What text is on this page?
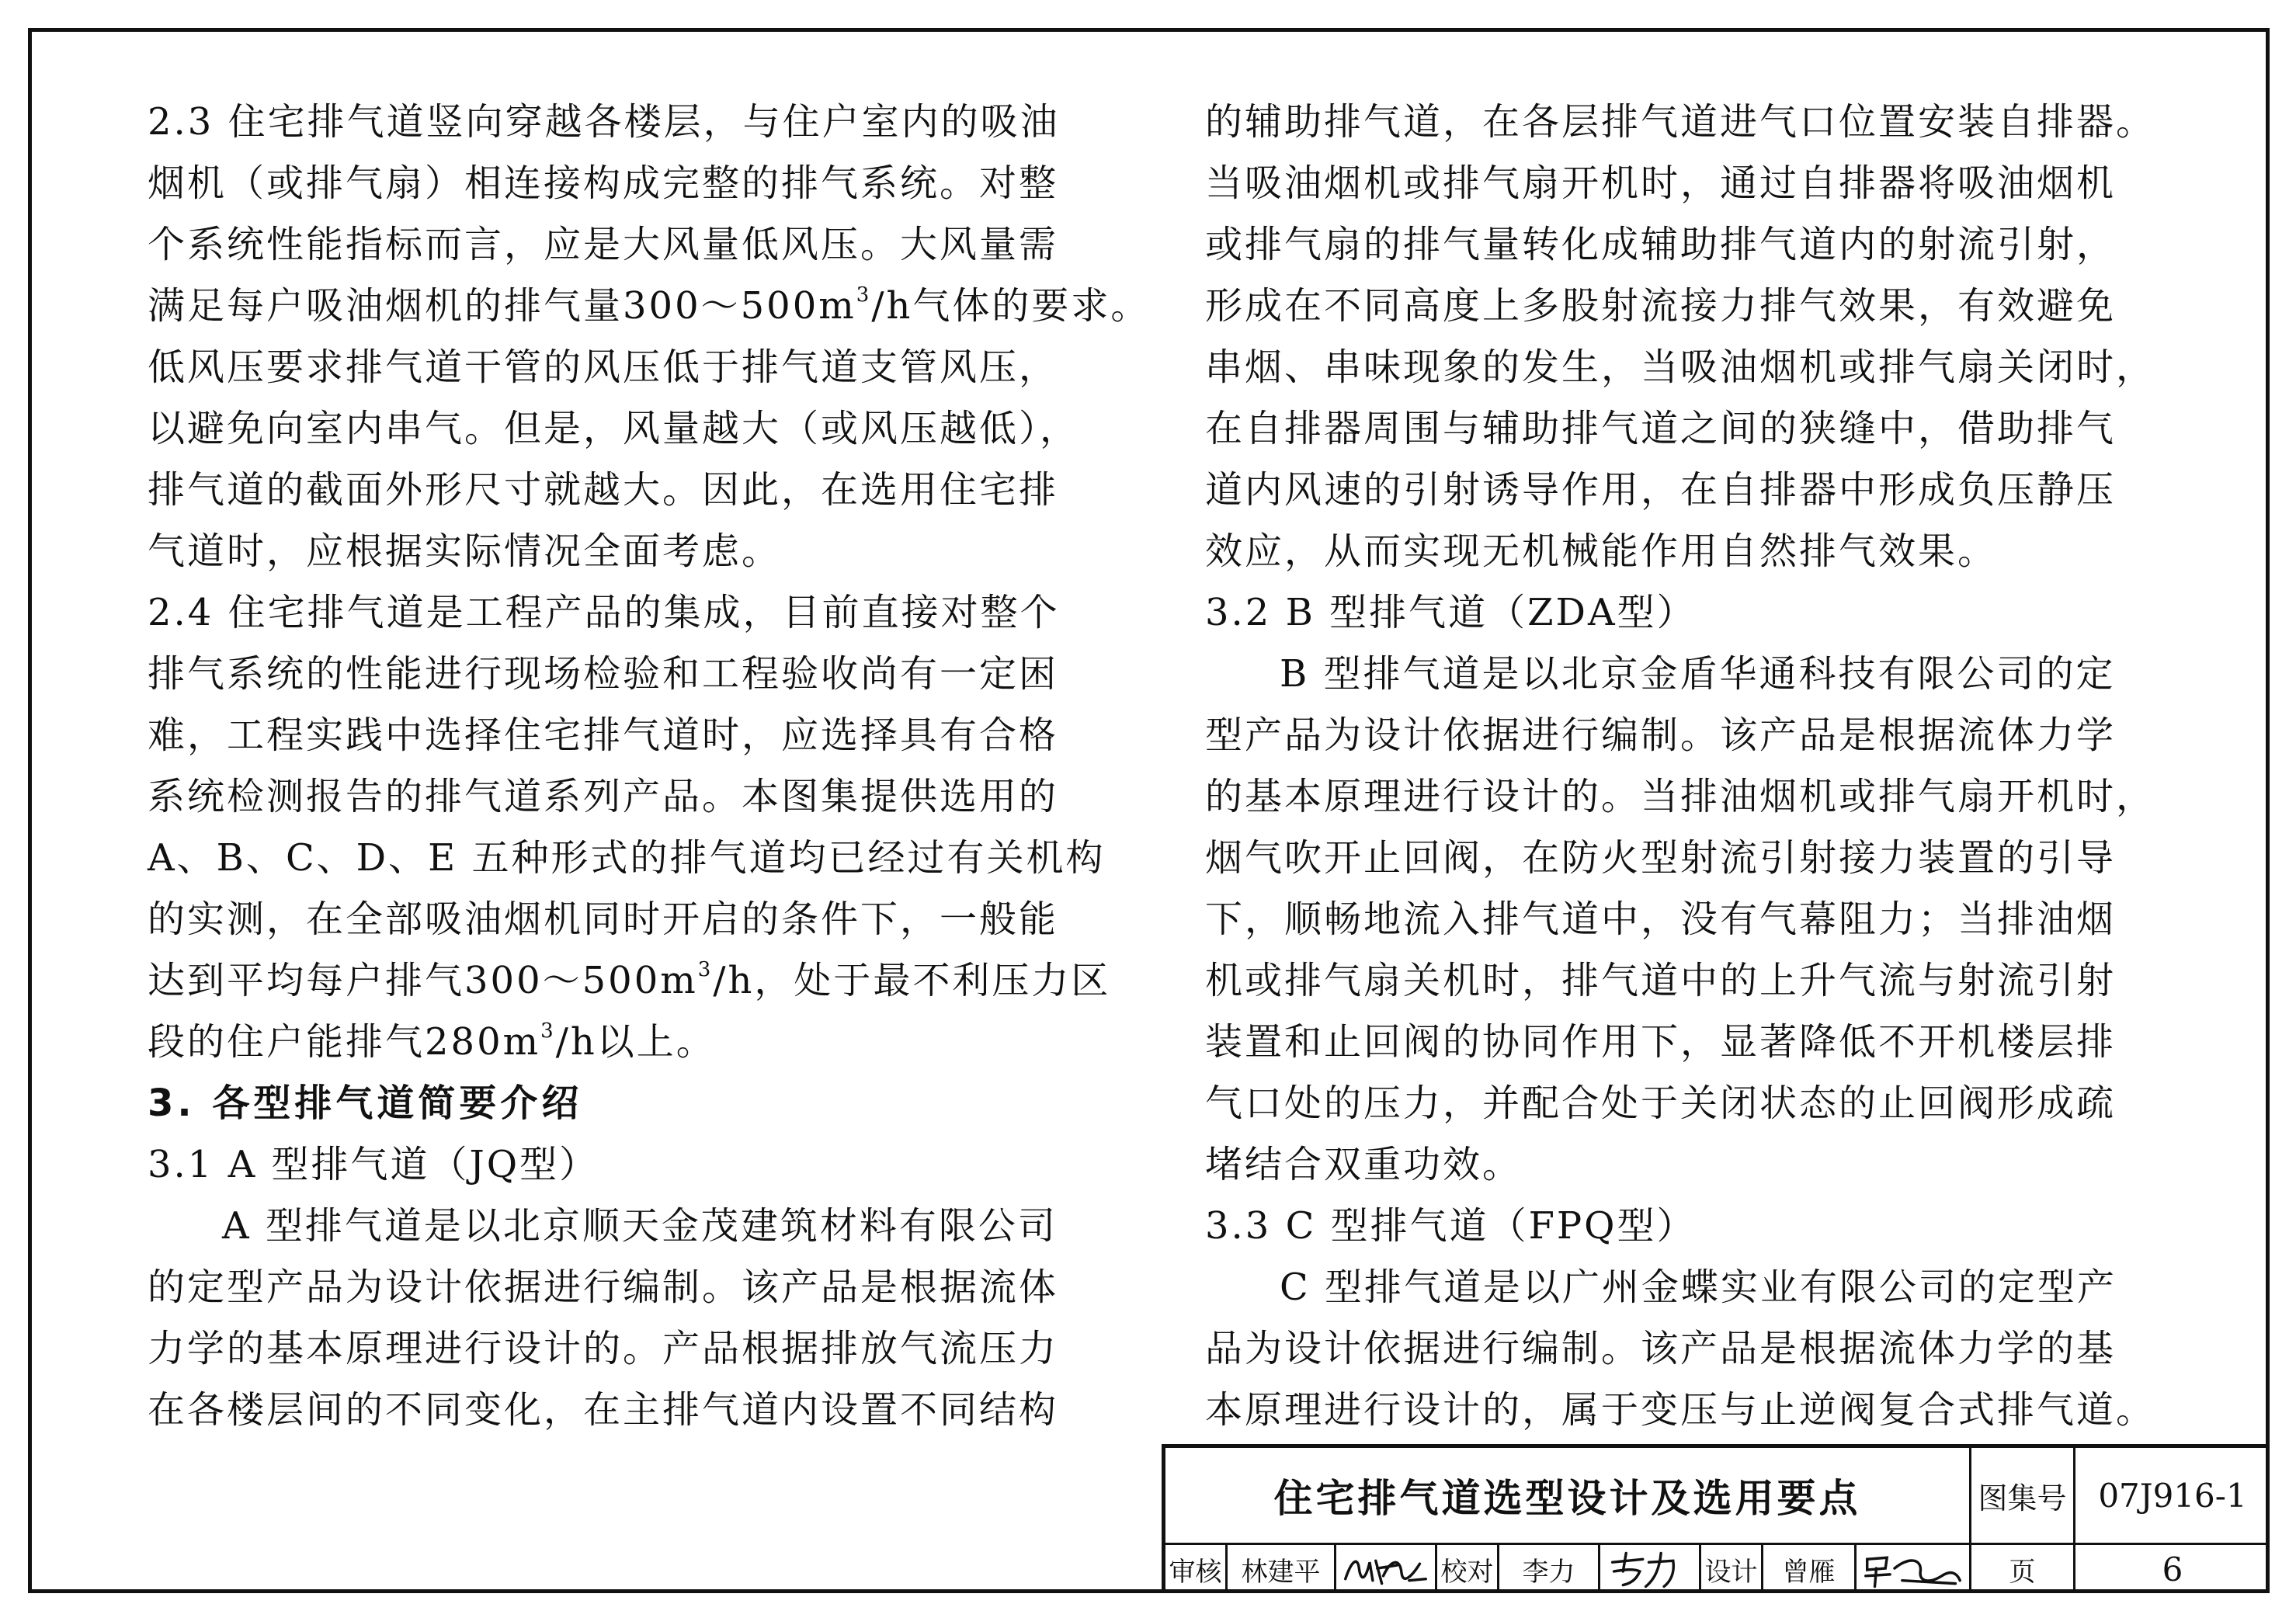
2.3 住宅排气道竖向穿越各楼层，与住户室内的吸油
烟机（或排气扇）相连接构成完整的排气系统。对整
个系统性能指标而言，应是大风量低风压。大风量需
满足每户吸油烟机的排气量$300\sim 500m^3/h$气体的要求。
低风压要求排气道干管的风压低于排气道支管风压，
以避免向室内串气。但是，风量越大（或风压越低），
排气道的截面外形尺寸就越大。因此，在选用住宅排
气道时，应根据实际情况全面考虑。
2.4 住宅排气道是工程产品的集成，目前直接对整个
排气系统的性能进行现场检验和工程验收尚有一定困
难，工程实践中选择住宅排气道时，应选择具有合格
系统检测报告的排气道系列产品。本图集提供选用的
A、B、C、D、E 五种形式的排气道均已经过有关机构
的实测，在全部吸油烟机同时开启的条件下，一般能
达到平均每户排气$300\sim 500m^3/h$，处于最不利压力区
段的住户能排气$280m^3/h$以上。
3. 各型排气道简要介绍
3.1 A 型排气道（JQ型）
A 型排气道是以北京顺天金茂建筑材料有限公司
的定型产品为设计依据进行编制。该产品是根据流体
力学的基本原理进行设计的。产品根据排放气流压力
在各楼层间的不同变化，在主排气道内设置不同结构
的辅助排气道，在各层排气道进气口位置安装自排器。
当吸油烟机或排气扇开机时，通过自排器将吸油烟机
或排气扇的排气量转化成辅助排气道内的射流引射，
形成在不同高度上多股射流接力排气效果，有效避免
串烟、串味现象的发生，当吸油烟机或排气扇关闭时，
在自排器周围与辅助排气道之间的狭缝中，借助排气
道内风速的引射诱导作用，在自排器中形成负压静压
效应，从而实现无机械能作用自然排气效果。
3.2 B 型排气道（ZDA型）
B 型排气道是以北京金盾华通科技有限公司的定
型产品为设计依据进行编制。该产品是根据流体力学
的基本原理进行设计的。当排油烟机或排气扇开机时，
烟气吹开止回阀，在防火型射流引射接力装置的引导
下，顺畅地流入排气道中，没有气幕阻力；当排油烟
机或排气扇关机时，排气道中的上升气流与射流引射
装置和止回阀的协同作用下，显著降低不开机楼层排
气口处的压力，并配合处于关闭状态的止回阀形成疏
堵结合双重功效。
3.3 C 型排气道（FPQ型）
C 型排气道是以广州金蝶实业有限公司的定型产
品为设计依据进行编制。该产品是根据流体力学的基
本原理进行设计的，属于变压与止逆阀复合式排气道。
住宅排气道选型设计及选用要点	图集号 07J916-1
审核 林建平	校对	李力	设计 曾雁	页	6
